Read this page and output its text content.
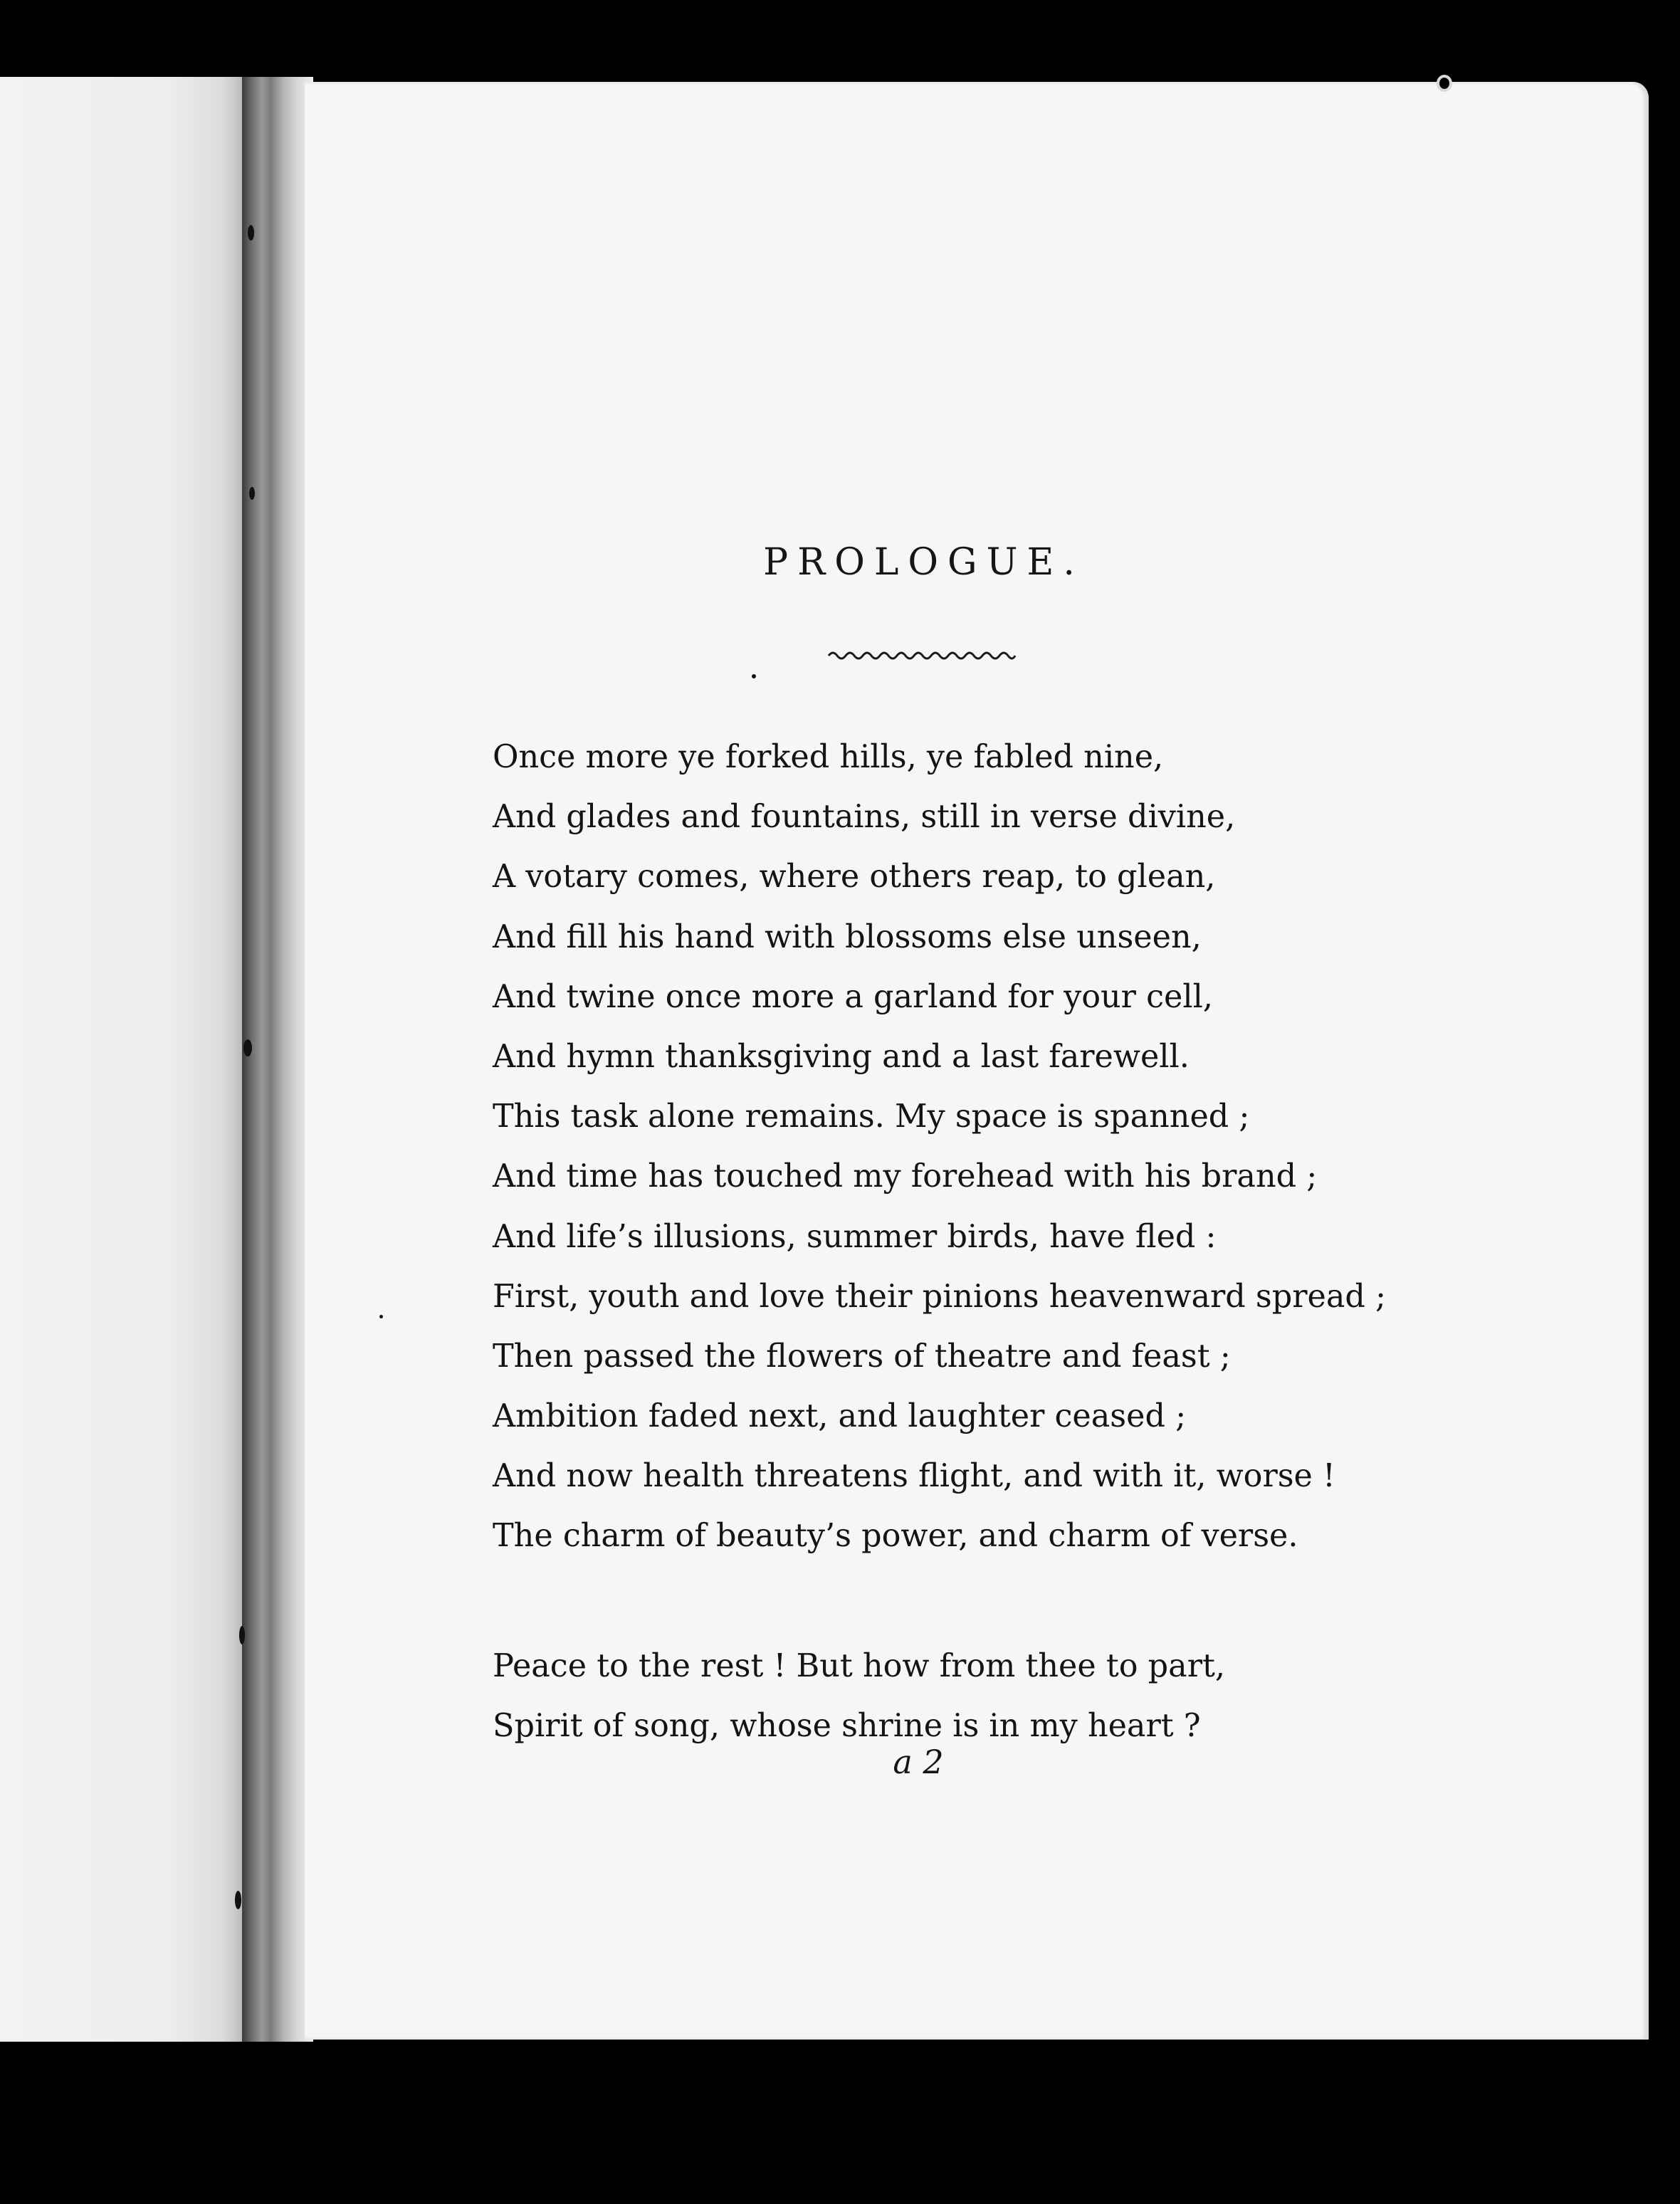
PROLOGUE.
Once more ye forked hills, ye fabled nine,
And glades and fountains, still in verse divine,
A votary comes, where others reap, to glean,
And fill his hand with blossoms else unseen,
And twine once more a garland for your cell,
And hymn thanksgiving and a last farewell.
This task alone remains. My space is spanned ;
And time has touched my forehead with his brand ;
And life’s illusions, summer birds, have fled :
First, youth and love their pinions heavenward spread ;
Then passed the flowers of theatre and feast ;
Ambition faded next, and laughter ceased ;
And now health threatens flight, and with it, worse !
The charm of beauty’s power, and charm of verse.
Peace to the rest ! But how from thee to part,
Spirit of song, whose shrine is in my heart ?
a 2
